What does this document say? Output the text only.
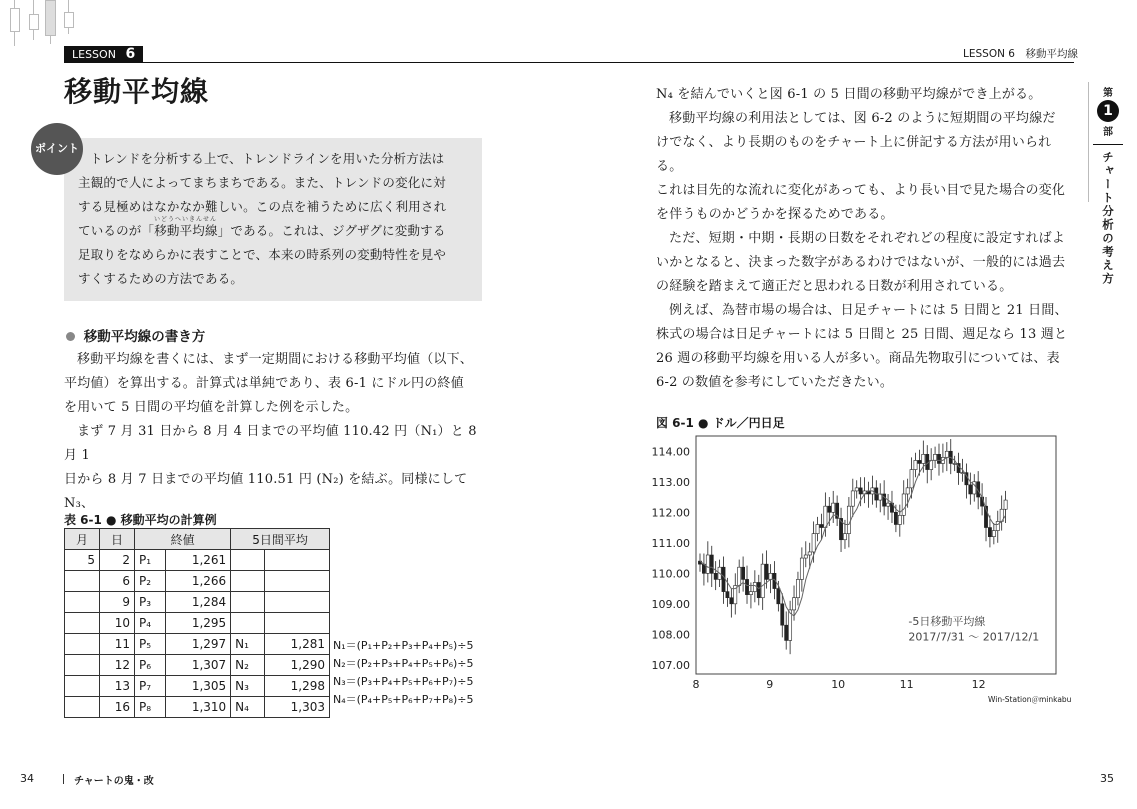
LESSON 6
移動平均線
ポイント
いどうへいきんせん
トレンドを分析する上で、トレンドラインを用いた分析方法は
主観的で人によってまちまちである。また、トレンドの変化に対
する見極めはなかなか難しい。この点を補うために広く利用され
ているのが「移動平均線」である。これは、ジグザグに変動する
足取りをなめらかに表すことで、本来の時系列の変動特性を見や
すくするための方法である。
移動平均線の書き方
移動平均線を書くには、まず一定期間における移動平均値（以下、
平均値）を算出する。計算式は単純であり、表 6-1 にドル円の終値
を用いて 5 日間の平均値を計算した例を示した。
まず 7 月 31 日から 8 月 4 日までの平均値 110.42 円（N₁）と 8 月 1
日から 8 月 7 日までの平均値 110.51 円 (N₂) を結ぶ。同様にして N₃、
表 6-1 ● 移動平均の計算例
月	日	終値		5日間平均	
5	2	P₁	1,261		
	6	P₂	1,266		
	9	P₃	1,284		
	10	P₄	1,295		
	11	P₅	1,297	N₁	1,281
	12	P₆	1,307	N₂	1,290
	13	P₇	1,305	N₃	1,298
	16	P₈	1,310	N₄	1,303
N₁＝(P₁+P₂+P₃+P₄+P₅)÷5
N₂＝(P₂+P₃+P₄+P₅+P₆)÷5
N₃＝(P₃+P₄+P₅+P₆+P₇)÷5
N₄＝(P₄+P₅+P₆+P₇+P₈)÷5
34	チャートの鬼・改
LESSON 6　移動平均線
N₄ を結んでいくと図 6-1 の 5 日間の移動平均線ができ上がる。
移動平均線の利用法としては、図 6-2 のように短期間の平均線だ
けでなく、より長期のものをチャート上に併記する方法が用いられる。
これは目先的な流れに変化があっても、より長い目で見た場合の変化
を伴うものかどうかを探るためである。
ただ、短期・中期・長期の日数をそれぞれどの程度に設定すればよ
いかとなると、決まった数字があるわけではないが、一般的には過去
の経験を踏まえて適正だと思われる日数が利用されている。
例えば、為替市場の場合は、日足チャートには 5 日間と 21 日間、
株式の場合は日足チャートには 5 日間と 25 日間、週足なら 13 週と
26 週の移動平均線を用いる人が多い。商品先物取引については、表
6-2 の数値を参考にしていただきたい。
第
1
部
チャート分析の考え方
図 6-1 ● ドル／円日足
107.00
108.00
109.00
110.00
111.00
112.00
113.00
114.00
8	9	10	11	12
-5日移動平均線
2017/7/31 ～ 2017/12/1
Win-Station＠minkabu
35
